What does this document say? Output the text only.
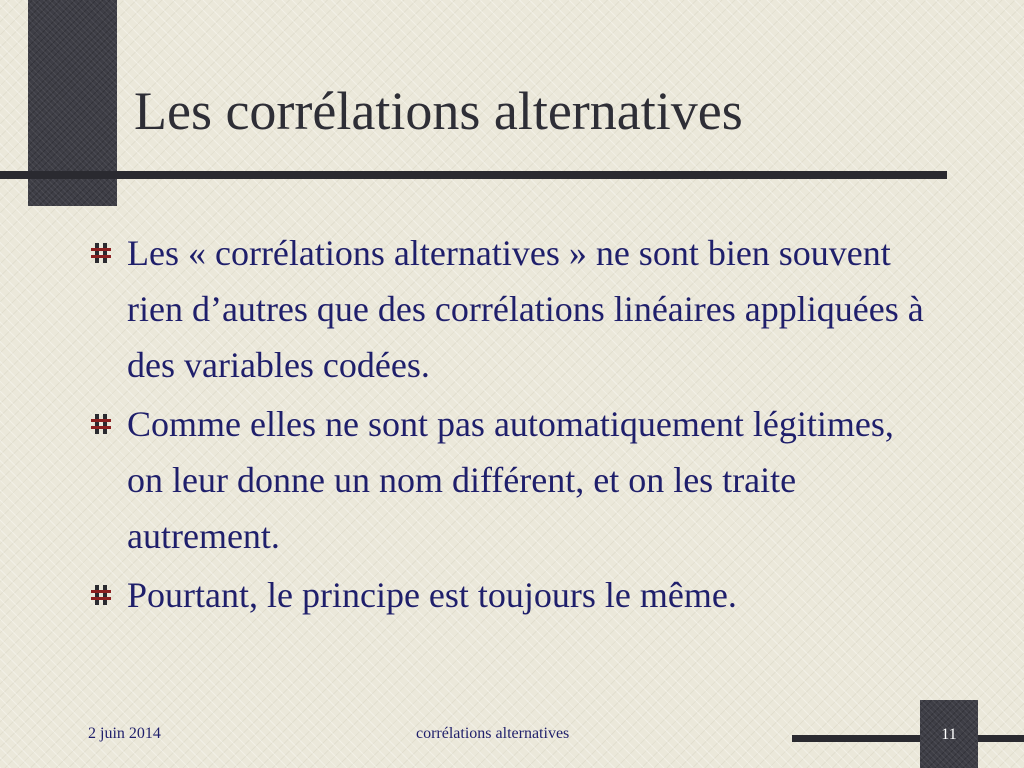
Les corrélations alternatives
Les « corrélations alternatives » ne sont bien souvent rien d’autres que des corrélations linéaires appliquées à des variables codées.
Comme elles ne sont pas automatiquement légitimes, on leur donne un nom différent, et on les traite autrement.
Pourtant, le principe est toujours le même.
2 juin 2014	corrélations alternatives	11
